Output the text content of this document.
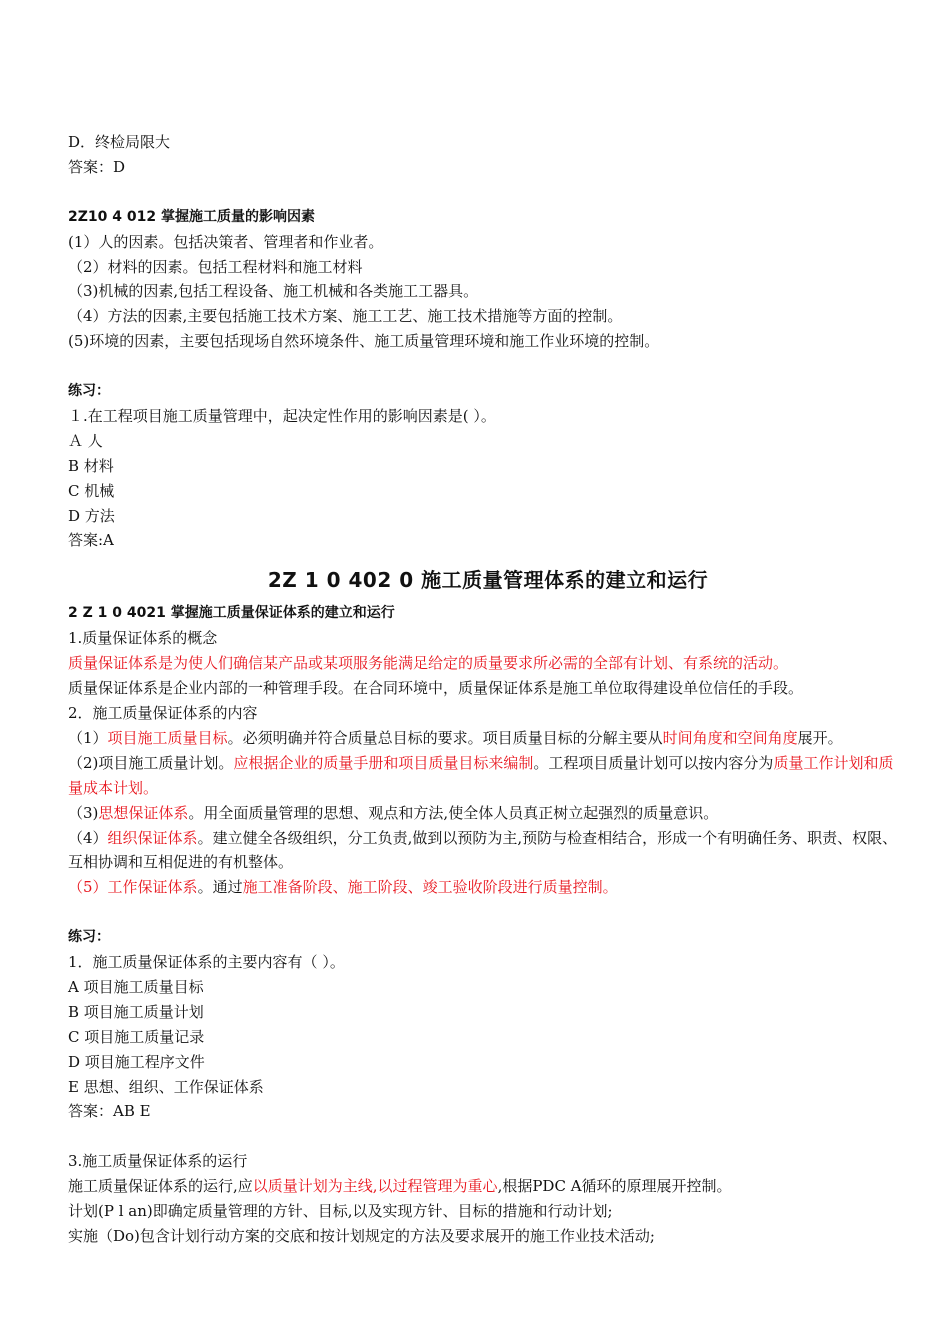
D．终检局限大
答案：D
2Z10 4 012 掌握施工质量的影响因素
(1）人的因素。包括决策者、管理者和作业者。
（2）材料的因素。包括工程材料和施工材料
（3)机械的因素,包括工程设备、施工机械和各类施工工器具。
（4）方法的因素,主要包括施工技术方案、施工工艺、施工技术措施等方面的控制。
(5)环境的因素，主要包括现场自然环境条件、施工质量管理环境和施工作业环境的控制。
练习：
１.在工程项目施工质量管理中，起决定性作用的影响因素是( ）。
Ａ 人
B 材料
C 机械
D 方法
答案:A
2Z 1 0 402 0 施工质量管理体系的建立和运行
2 Z 1 0 4021 掌握施工质量保证体系的建立和运行
1.质量保证体系的概念
质量保证体系是为使人们确信某产品或某项服务能满足给定的质量要求所必需的全部有计划、有系统的活动。
质量保证体系是企业内部的一种管理手段。在合同环境中，质量保证体系是施工单位取得建设单位信任的手段。
2．施工质量保证体系的内容
（1）项目施工质量目标。必须明确并符合质量总目标的要求。项目质量目标的分解主要从时间角度和空间角度展开。
（2)项目施工质量计划。应根据企业的质量手册和项目质量目标来编制。工程项目质量计划可以按内容分为质量工作计划和质量成本计划。
（3)思想保证体系。用全面质量管理的思想、观点和方法,使全体人员真正树立起强烈的质量意识。
（4）组织保证体系。建立健全各级组织，分工负责,做到以预防为主,预防与检查相结合，形成一个有明确任务、职责、权限、互相协调和互相促进的有机整体。
（5）工作保证体系。通过施工准备阶段、施工阶段、竣工验收阶段进行质量控制。
练习：
1．施工质量保证体系的主要内容有（ ）。
A 项目施工质量目标
B 项目施工质量计划
C 项目施工质量记录
D 项目施工程序文件
E 思想、组织、工作保证体系
答案：AB E
3.施工质量保证体系的运行
施工质量保证体系的运行,应以质量计划为主线,以过程管理为重心,根据PDC A循环的原理展开控制。
计划(P l an)即确定质量管理的方针、目标,以及实现方针、目标的措施和行动计划;
实施（Do)包含计划行动方案的交底和按计划规定的方法及要求展开的施工作业技术活动;
